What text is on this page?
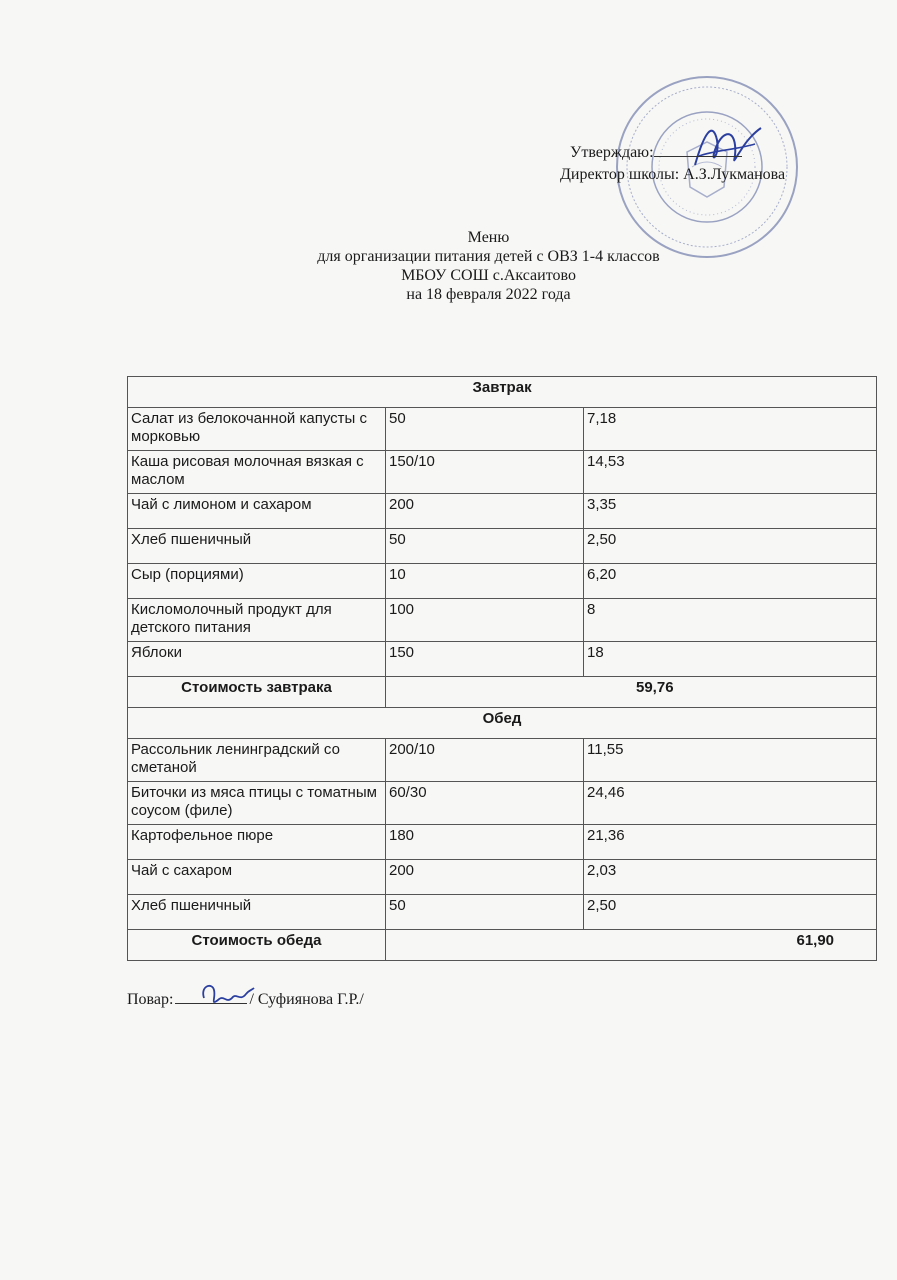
Утверждаю:
Директор школы: А.З.Лукманова
Меню
для организации питания детей с ОВЗ 1-4 классов
МБОУ СОШ с.Аксаитово
на 18 февраля 2022 года
Завтрак		
Салат из белокочанной капусты с морковью	50	7,18
Каша рисовая молочная вязкая с маслом	150/10	14,53
Чай с лимоном и сахаром	200	3,35
Хлеб пшеничный	50	2,50
Сыр (порциями)	10	6,20
Кисломолочный продукт для детского питания	100	8
Яблоки	150	18
Стоимость завтрака	59,76	
Обед		
Рассольник ленинградский со сметаной	200/10	11,55
Биточки из мяса птицы с томатным соусом (филе)	60/30	24,46
Картофельное пюре	180	21,36
Чай с сахаром	200	2,03
Хлеб пшеничный	50	2,50
Стоимость обеда	61,90	
Повар:	/ Суфиянова Г.Р./
